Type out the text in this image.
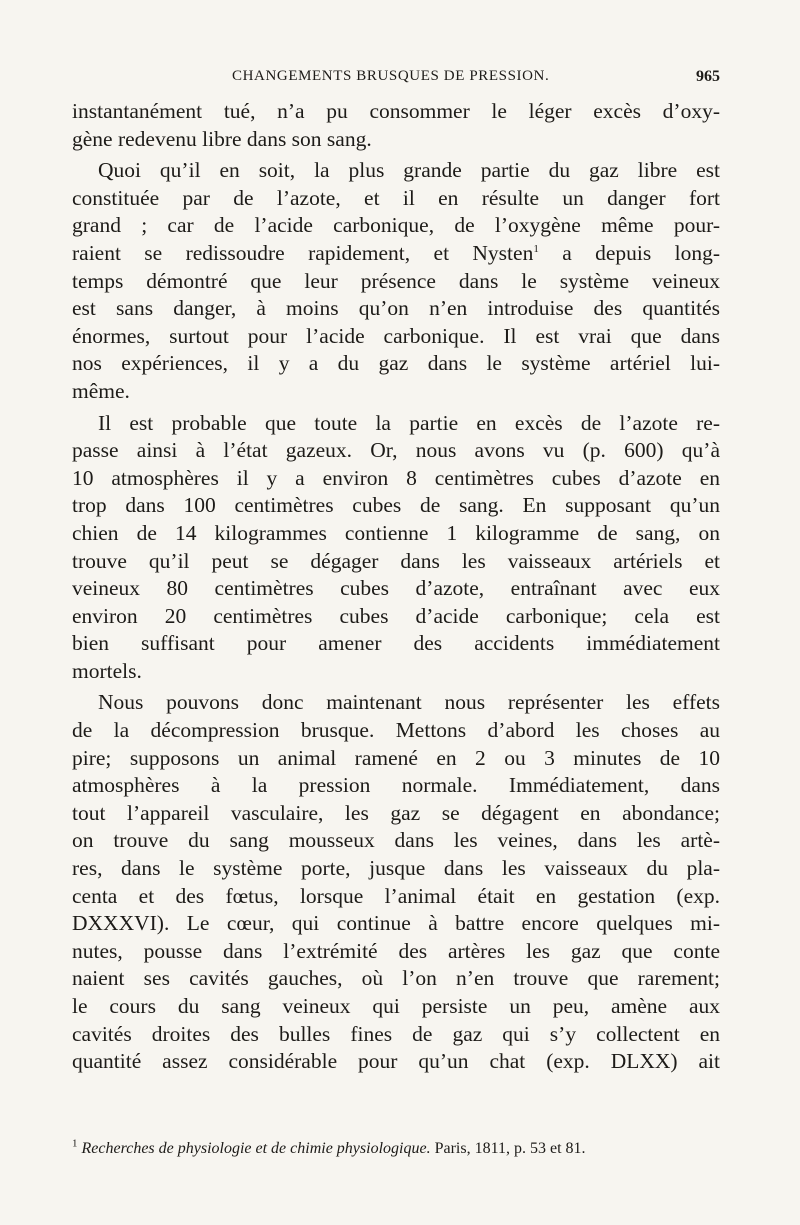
CHANGEMENTS BRUSQUES DE PRESSION.	965
instantanément tué, n’a pu consommer le léger excès d’oxy-
gène redevenu libre dans son sang.
Quoi qu’il en soit, la plus grande partie du gaz libre est
constituée par de l’azote, et il en résulte un danger fort
grand ; car de l’acide carbonique, de l’oxygène même pour-
raient se redissoudre rapidement, et Nysten$^1$ a depuis long-
temps démontré que leur présence dans le système veineux
est sans danger, à moins qu’on n’en introduise des quantités
énormes, surtout pour l’acide carbonique. Il est vrai que dans
nos expériences, il y a du gaz dans le système artériel lui-
même.
Il est probable que toute la partie en excès de l’azote re-
passe ainsi à l’état gazeux. Or, nous avons vu (p. 600) qu’à
10 atmosphères il y a environ 8 centimètres cubes d’azote en
trop dans 100 centimètres cubes de sang. En supposant qu’un
chien de 14 kilogrammes contienne 1 kilogramme de sang, on
trouve qu’il peut se dégager dans les vaisseaux artériels et
veineux 80 centimètres cubes d’azote, entraînant avec eux
environ 20 centimètres cubes d’acide carbonique; cela est
bien suffisant pour amener des accidents immédiatement
mortels.
Nous pouvons donc maintenant nous représenter les effets
de la décompression brusque. Mettons d’abord les choses au
pire; supposons un animal ramené en 2 ou 3 minutes de 10
atmosphères à la pression normale. Immédiatement, dans
tout l’appareil vasculaire, les gaz se dégagent en abondance;
on trouve du sang mousseux dans les veines, dans les artè-
res, dans le système porte, jusque dans les vaisseaux du pla-
centa et des fœtus, lorsque l’animal était en gestation (exp.
DXXXVI). Le cœur, qui continue à battre encore quelques mi-
nutes, pousse dans l’extrémité des artères les gaz que conte
naient ses cavités gauches, où l’on n’en trouve que rarement;
le cours du sang veineux qui persiste un peu, amène aux
cavités droites des bulles fines de gaz qui s’y collectent en
quantité assez considérable pour qu’un chat (exp. DLXX) ait
$^1$ Recherches de physiologie et de chimie physiologique. Paris, 1811, p. 53 et 81.
